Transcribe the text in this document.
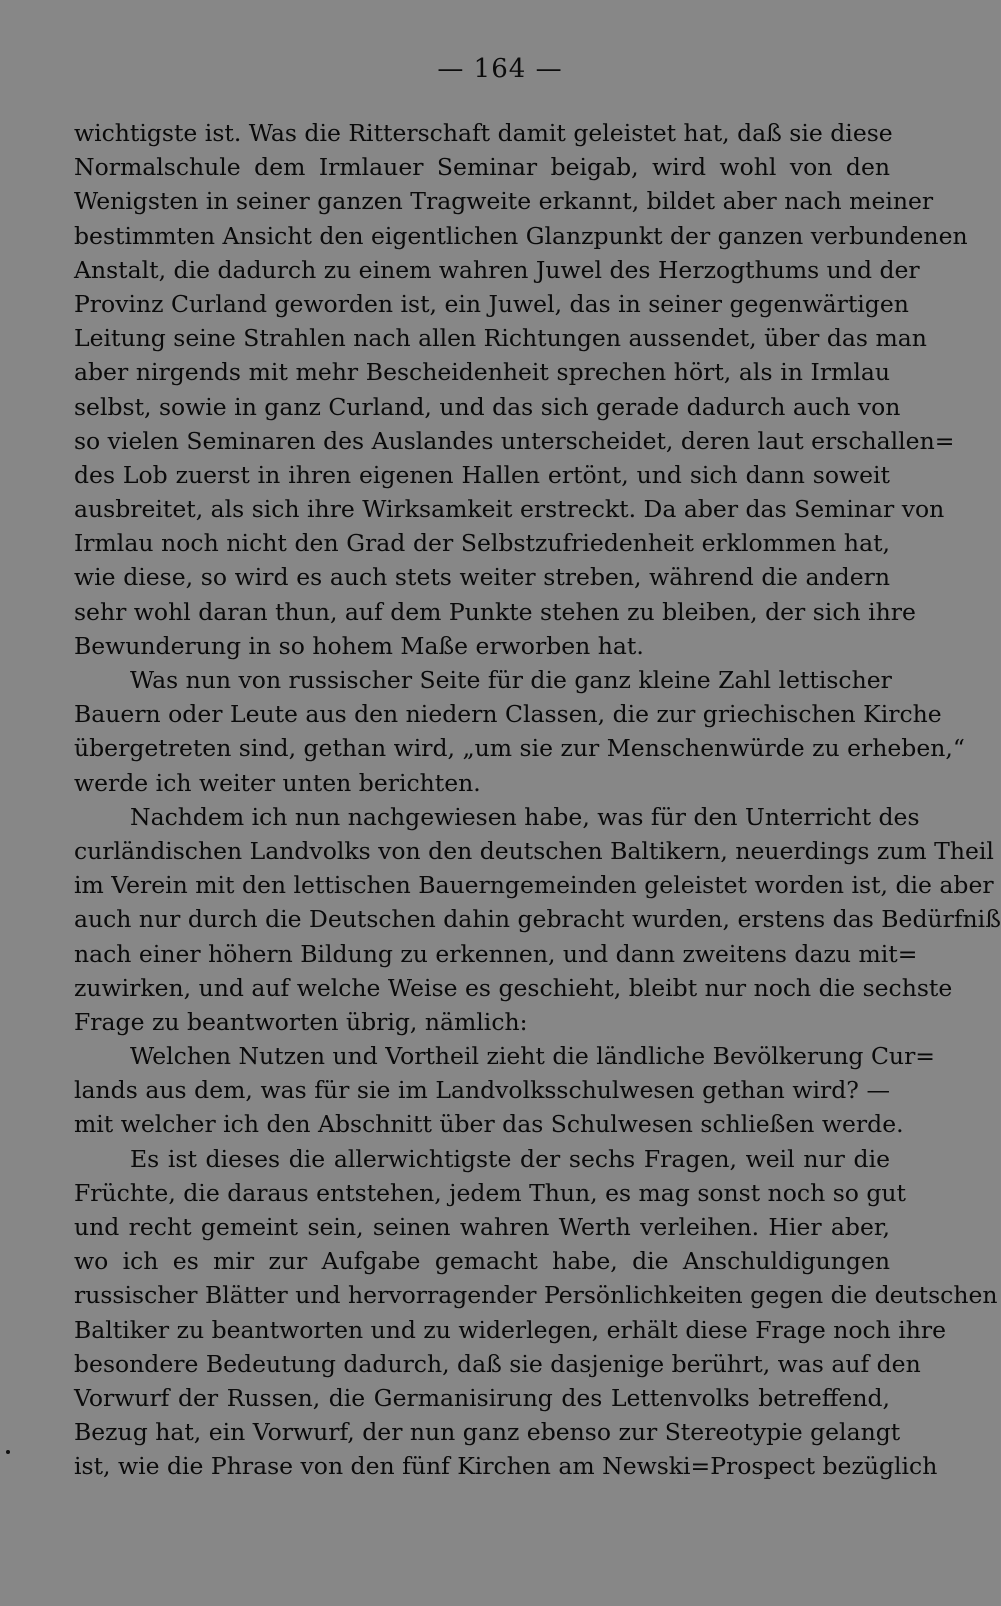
— 164 —
wichtigste ist. Was die Ritterschaft damit geleistet hat, daß sie diese
Normalschule dem Irmlauer Seminar beigab, wird wohl von den
Wenigsten in seiner ganzen Tragweite erkannt, bildet aber nach meiner
bestimmten Ansicht den eigentlichen Glanzpunkt der ganzen verbundenen
Anstalt, die dadurch zu einem wahren Juwel des Herzogthums und der
Provinz Curland geworden ist, ein Juwel, das in seiner gegenwärtigen
Leitung seine Strahlen nach allen Richtungen aussendet, über das man
aber nirgends mit mehr Bescheidenheit sprechen hört, als in Irmlau
selbst, sowie in ganz Curland, und das sich gerade dadurch auch von
so vielen Seminaren des Auslandes unterscheidet, deren laut erschallen=
des Lob zuerst in ihren eigenen Hallen ertönt, und sich dann soweit
ausbreitet, als sich ihre Wirksamkeit erstreckt. Da aber das Seminar von
Irmlau noch nicht den Grad der Selbstzufriedenheit erklommen hat,
wie diese, so wird es auch stets weiter streben, während die andern
sehr wohl daran thun, auf dem Punkte stehen zu bleiben, der sich ihre
Bewunderung in so hohem Maße erworben hat.
Was nun von russischer Seite für die ganz kleine Zahl lettischer
Bauern oder Leute aus den niedern Classen, die zur griechischen Kirche
übergetreten sind, gethan wird, „um sie zur Menschenwürde zu erheben,“
werde ich weiter unten berichten.
Nachdem ich nun nachgewiesen habe, was für den Unterricht des
curländischen Landvolks von den deutschen Baltikern, neuerdings zum Theil
im Verein mit den lettischen Bauerngemeinden geleistet worden ist, die aber
auch nur durch die Deutschen dahin gebracht wurden, erstens das Bedürfniß
nach einer höhern Bildung zu erkennen, und dann zweitens dazu mit=
zuwirken, und auf welche Weise es geschieht, bleibt nur noch die sechste
Frage zu beantworten übrig, nämlich:
Welchen Nutzen und Vortheil zieht die ländliche Bevölkerung Cur=
lands aus dem, was für sie im Landvolksschulwesen gethan wird? —
mit welcher ich den Abschnitt über das Schulwesen schließen werde.
Es ist dieses die allerwichtigste der sechs Fragen, weil nur die
Früchte, die daraus entstehen, jedem Thun, es mag sonst noch so gut
und recht gemeint sein, seinen wahren Werth verleihen. Hier aber,
wo ich es mir zur Aufgabe gemacht habe, die Anschuldigungen
russischer Blätter und hervorragender Persönlichkeiten gegen die deutschen
Baltiker zu beantworten und zu widerlegen, erhält diese Frage noch ihre
besondere Bedeutung dadurch, daß sie dasjenige berührt, was auf den
Vorwurf der Russen, die Germanisirung des Lettenvolks betreffend,
Bezug hat, ein Vorwurf, der nun ganz ebenso zur Stereotypie gelangt
ist, wie die Phrase von den fünf Kirchen am Newski=Prospect bezüglich
